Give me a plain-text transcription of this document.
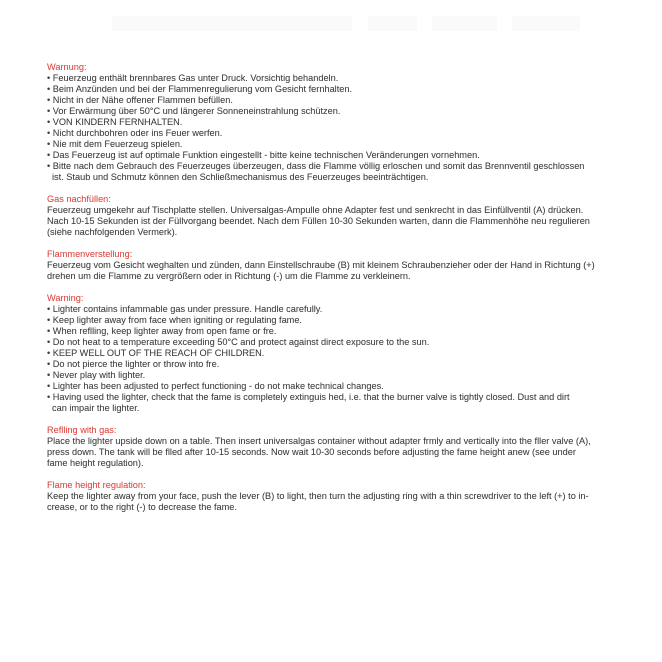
Warnung:
• Feuerzeug enthält brennbares Gas unter Druck. Vorsichtig behandeln.
• Beim Anzünden und bei der Flammenregulierung vom Gesicht fernhalten.
• Nicht in der Nähe offener Flammen befüllen.
• Vor Erwärmung über 50°C und längerer Sonneneinstrahlung schützen.
• VON KINDERN FERNHALTEN.
• Nicht durchbohren oder ins Feuer werfen.
• Nie mit dem Feuerzeug spielen.
• Das Feuerzeug ist auf optimale Funktion eingestellt - bitte keine technischen Veränderungen vornehmen.
• Bitte nach dem Gebrauch des Feuerzeuges überzeugen, dass die Flamme völlig erloschen und somit das Brennventil geschlossen
ist. Staub und Schmutz können den Schließmechanismus des Feuerzeuges beeinträchtigen.
Gas nachfüllen:
Feuerzeug umgekehr auf Tischplatte stellen. Universalgas-Ampulle ohne Adapter fest und senkrecht in das Einfüllventil (A) drücken.
Nach 10-15 Sekunden ist der Füllvorgang beendet. Nach dem Füllen 10-30 Sekunden warten, dann die Flammenhöhe neu regulieren
(siehe nachfolgenden Vermerk).
Flammenverstellung:
Feuerzeug vom Gesicht weghalten und zünden, dann Einstellschraube (B) mit kleinem Schraubenzieher oder der Hand in Richtung (+)
drehen um die Flamme zu vergrößern oder in Richtung (-) um die Flamme zu verkleinern.
Warning:
• Lighter contains infammable gas under pressure. Handle carefully.
• Keep lighter away from face when igniting or regulating fame.
• When reflling, keep lighter away from open fame or fre.
• Do not heat to a temperature exceeding 50°C and protect against direct exposure to the sun.
• KEEP WELL OUT OF THE REACH OF CHILDREN.
• Do not pierce the lighter or throw into fre.
• Never play with lighter.
• Lighter has been adjusted to perfect functioning - do not make technical changes.
• Having used the lighter, check that the fame is completely extinguis hed, i.e. that the burner valve is tightly closed. Dust and dirt
can impair the lighter.
Reflling with gas:
Place the lighter upside down on a table. Then insert universalgas container without adapter frmly and vertically into the fller valve (A),
press down. The tank will be flled after 10-15 seconds. Now wait 10-30 seconds before adjusting the fame height anew (see under
fame height regulation).
Flame height regulation:
Keep the lighter away from your face, push the lever (B) to light, then turn the adjusting ring with a thin screwdriver to the left (+) to in-
crease, or to the right (-) to decrease the fame.
